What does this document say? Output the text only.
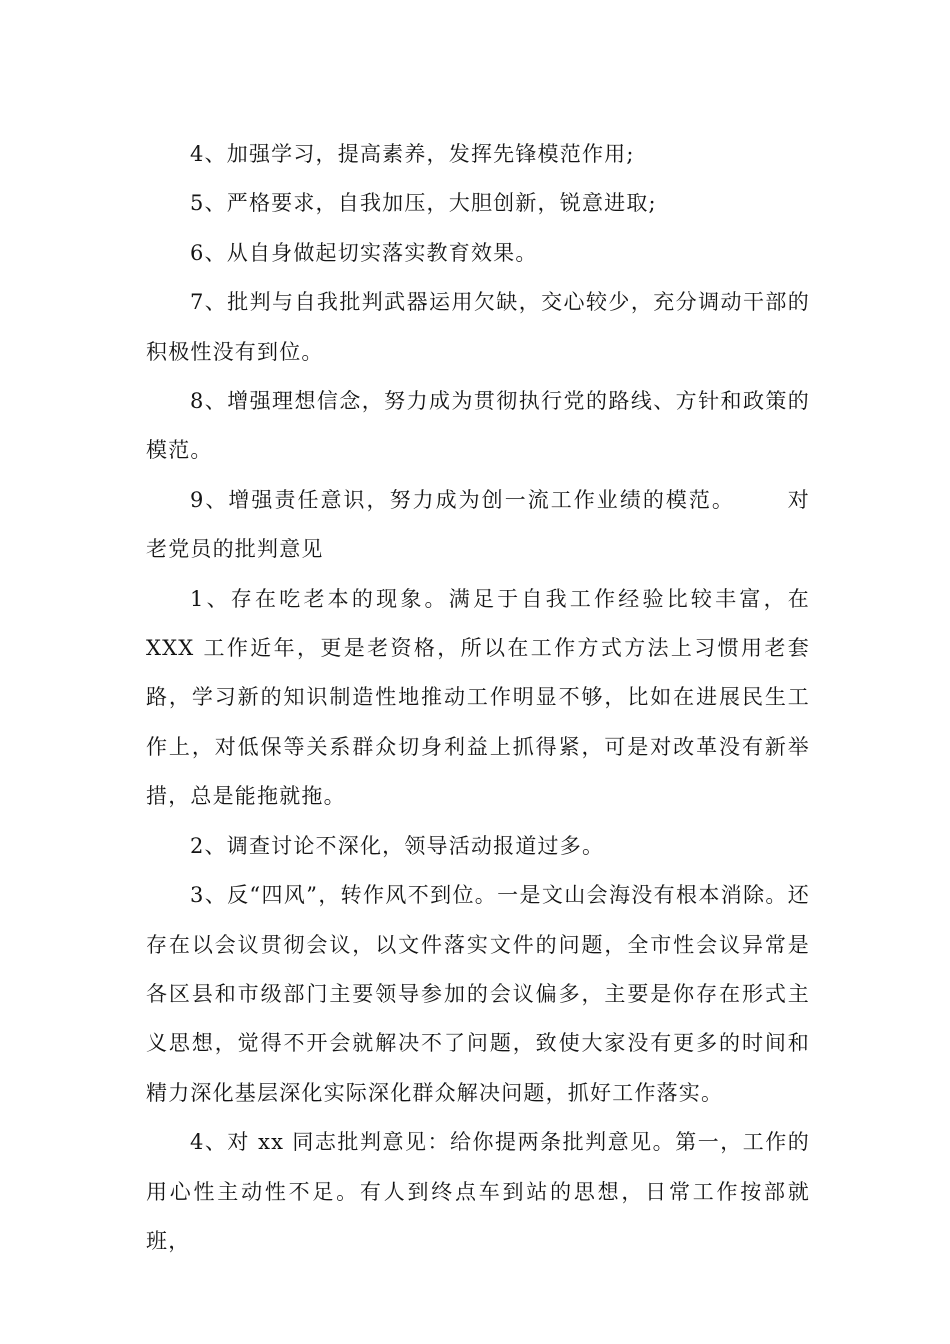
4、加强学习，提高素养，发挥先锋模范作用;

5、严格要求，自我加压，大胆创新，锐意进取;

6、从自身做起切实落实教育效果。

7、批判与自我批判武器运用欠缺，交心较少，充分调动干部的积极性没有到位。

8、增强理想信念，努力成为贯彻执行党的路线、方针和政策的模范。

9、增强责任意识，努力成为创一流工作业绩的模范。 对老党员的批判意见

1、存在吃老本的现象。满足于自我工作经验比较丰富，在 XXX 工作近年，更是老资格，所以在工作方式方法上习惯用老套路，学习新的知识制造性地推动工作明显不够，比如在进展民生工作上，对低保等关系群众切身利益上抓得紧，可是对改革没有新举措，总是能拖就拖。

2、调查讨论不深化，领导活动报道过多。

3、反“四风”，转作风不到位。一是文山会海没有根本消除。还存在以会议贯彻会议，以文件落实文件的问题，全市性会议异常是各区县和市级部门主要领导参加的会议偏多，主要是你存在形式主义思想，觉得不开会就解决不了问题，致使大家没有更多的时间和精力深化基层深化实际深化群众解决问题，抓好工作落实。

4、对 xx 同志批判意见：给你提两条批判意见。第一，工作的用心性主动性不足。有人到终点车到站的思想，日常工作按部就班，
